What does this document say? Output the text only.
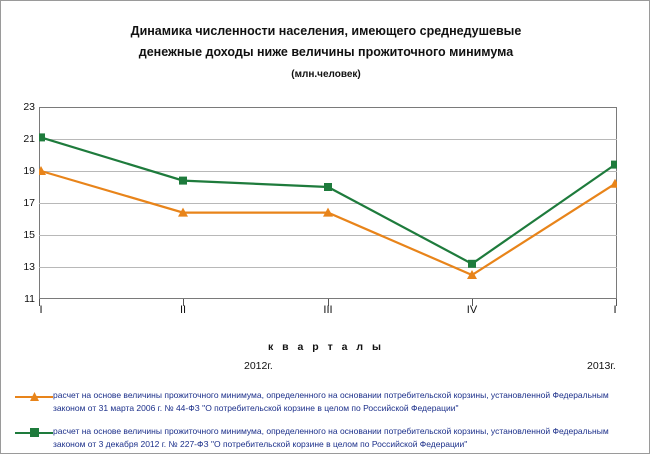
Динамика численности населения, имеющего среднедушевые
денежные доходы ниже величины прожиточного минимума
(млн.человек)
23
21
19
17
15
13
11
I	II	III	IV	I
к в а р т а л ы
2012г.	2013г.
расчет на основе величины прожиточного минимума, определенного на основании потребительской корзины, установленной Федеральным законом от 31 марта 2006 г. № 44-ФЗ "О потребительской корзине в целом по Российской Федерации"
расчет на основе величины прожиточного минимума, определенного на основании потребительской корзины, установленной Федеральным законом от 3 декабря 2012 г. № 227-ФЗ "О потребительской корзине в целом по Российской Федерации"
